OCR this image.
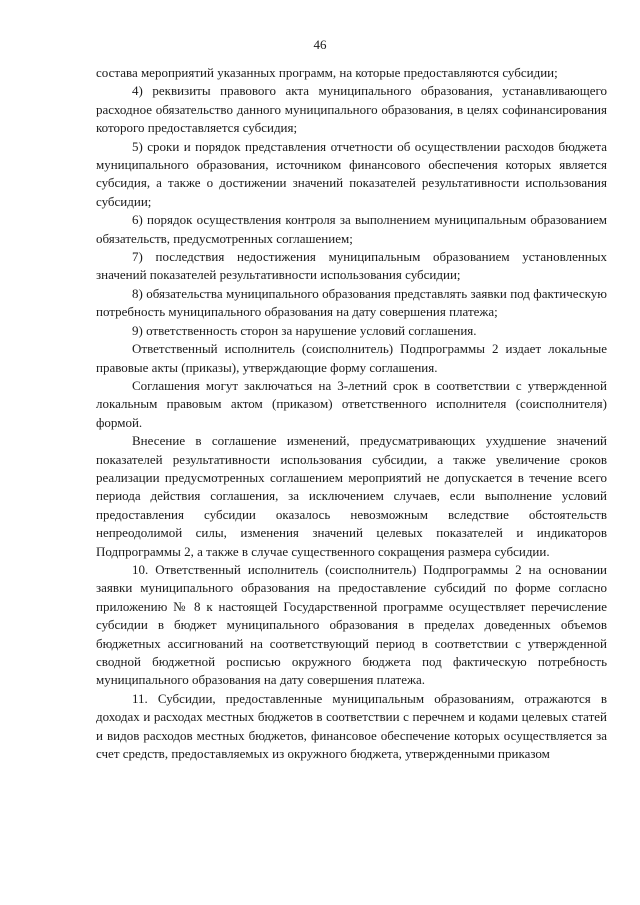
46

состава мероприятий указанных программ, на которые предоставляются субсидии;

4) реквизиты правового акта муниципального образования, устанавливающего расходное обязательство данного муниципального образования, в целях софинансирования которого предоставляется субсидия;

5) сроки и порядок представления отчетности об осуществлении расходов бюджета муниципального образования, источником финансового обеспечения которых является субсидия, а также о достижении значений показателей результативности использования субсидии;

6) порядок осуществления контроля за выполнением муниципальным образованием обязательств, предусмотренных соглашением;

7) последствия недостижения муниципальным образованием установленных значений показателей результативности использования субсидии;

8) обязательства муниципального образования представлять заявки под фактическую потребность муниципального образования на дату совершения платежа;

9) ответственность сторон за нарушение условий соглашения.

Ответственный исполнитель (соисполнитель) Подпрограммы 2 издает локальные правовые акты (приказы), утверждающие форму соглашения.

Соглашения могут заключаться на 3-летний срок в соответствии с утвержденной локальным правовым актом (приказом) ответственного исполнителя (соисполнителя) формой.

Внесение в соглашение изменений, предусматривающих ухудшение значений показателей результативности использования субсидии, а также увеличение сроков реализации предусмотренных соглашением мероприятий не допускается в течение всего периода действия соглашения, за исключением случаев, если выполнение условий предоставления субсидии оказалось невозможным вследствие обстоятельств непреодолимой силы, изменения значений целевых показателей и индикаторов Подпрограммы 2, а также в случае существенного сокращения размера субсидии.

10. Ответственный исполнитель (соисполнитель) Подпрограммы 2 на основании заявки муниципального образования на предоставление субсидий по форме согласно приложению № 8 к настоящей Государственной программе осуществляет перечисление субсидии в бюджет муниципального образования в пределах доведенных объемов бюджетных ассигнований на соответствующий период в соответствии с утвержденной сводной бюджетной росписью окружного бюджета под фактическую потребность муниципального образования на дату совершения платежа.

11. Субсидии, предоставленные муниципальным образованиям, отражаются в доходах и расходах местных бюджетов в соответствии с перечнем и кодами целевых статей и видов расходов местных бюджетов, финансовое обеспечение которых осуществляется за счет средств, предоставляемых из окружного бюджета, утвержденными приказом
